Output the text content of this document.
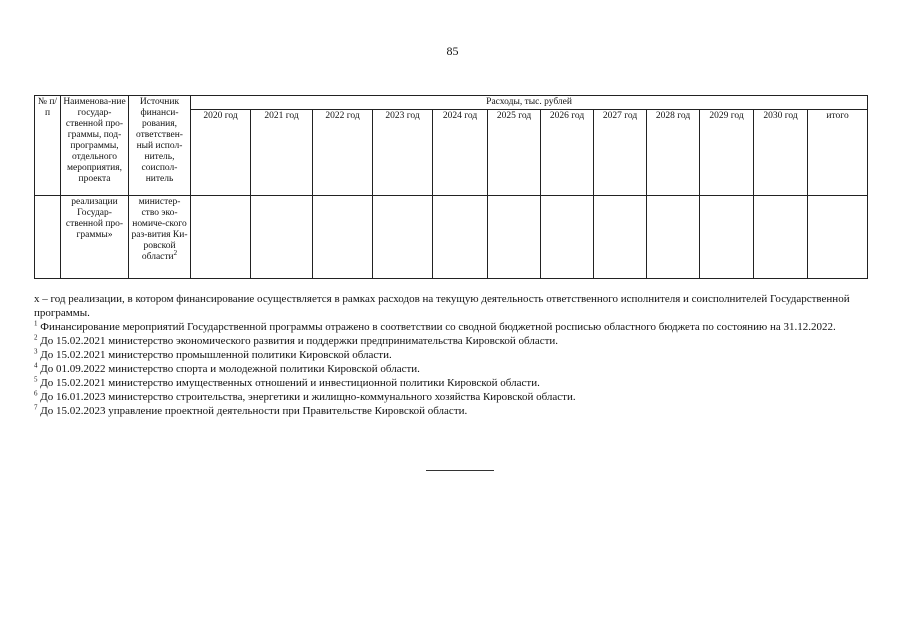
85
№ п/п	Наименова-ние государ-ственной про-граммы, под-программы, отдельного мероприятия, проекта	Источник финанси-рования, ответствен-ный испол-нитель, соиспол-нитель	Расходы, тыс. рублей											
			2020 год	2021 год	2022 год	2023 год	2024 год	2025 год	2026 год	2027 год	2028 год	2029 год	2030 год	итого
	реализации Государ-ственной про-граммы»	министер-ство эко-номиче-ского раз-вития Ки-ровской области$^2$												

х – год реализации, в котором финансирование осуществляется в рамках расходов на текущую деятельность ответственного исполнителя и соисполнителей Государственной программы.

$^1$ Финансирование мероприятий Государственной программы отражено в соответствии со сводной бюджетной росписью областного бюджета по состоянию на 31.12.2022.

$^2$ До 15.02.2021 министерство экономического развития и поддержки предпринимательства Кировской области.

$^3$ До 15.02.2021 министерство промышленной политики Кировской области.

$^4$ До 01.09.2022 министерство спорта и молодежной политики Кировской области.

$^5$ До 15.02.2021 министерство имущественных отношений и инвестиционной политики Кировской области.

$^6$ До 16.01.2023 министерство строительства, энергетики и жилищно-коммунального хозяйства Кировской области.

$^7$ До 15.02.2023 управление проектной деятельности при Правительстве Кировской области.
